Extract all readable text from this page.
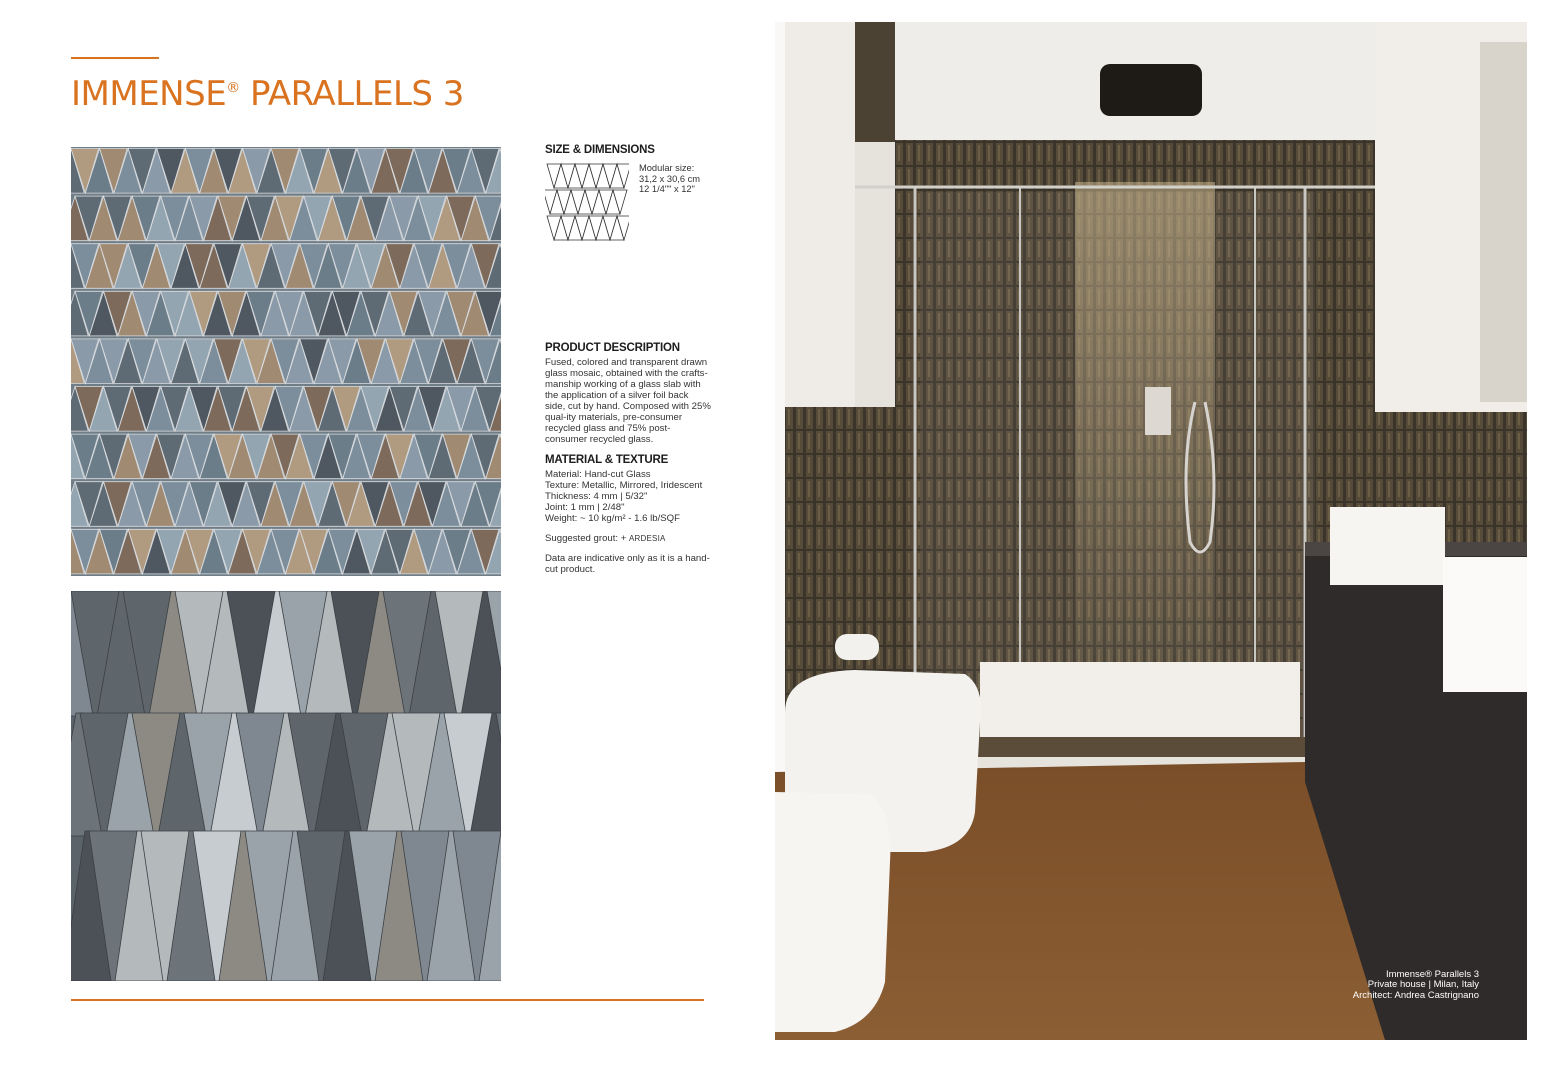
IMMENSE® PARALLELS 3
SIZE & DIMENSIONS
Modular size:
31,2 x 30,6 cm
12 1/4"" x 12"
PRODUCT DESCRIPTION

Fused, colored and transparent drawn glass mosaic, obtained with the crafts-manship working of a glass slab with the application of a silver foil back side, cut by hand. Composed with 25% qual-ity materials, pre-consumer recycled glass and 75% post-consumer recycled glass.

MATERIAL & TEXTURE
Material: Hand-cut Glass
Texture: Metallic, Mirrored, Iridescent
Thickness: 4 mm | 5/32"
Joint: 1 mm | 2/48"
Weight: ~ 10 kg/m² - 1.6 lb/SQF
Suggested grout: + ARDESIA

Data are indicative only as it is a hand-cut product.

Immense® Parallels 3
Private house | Milan, Italy
Architect: Andrea Castrignano
